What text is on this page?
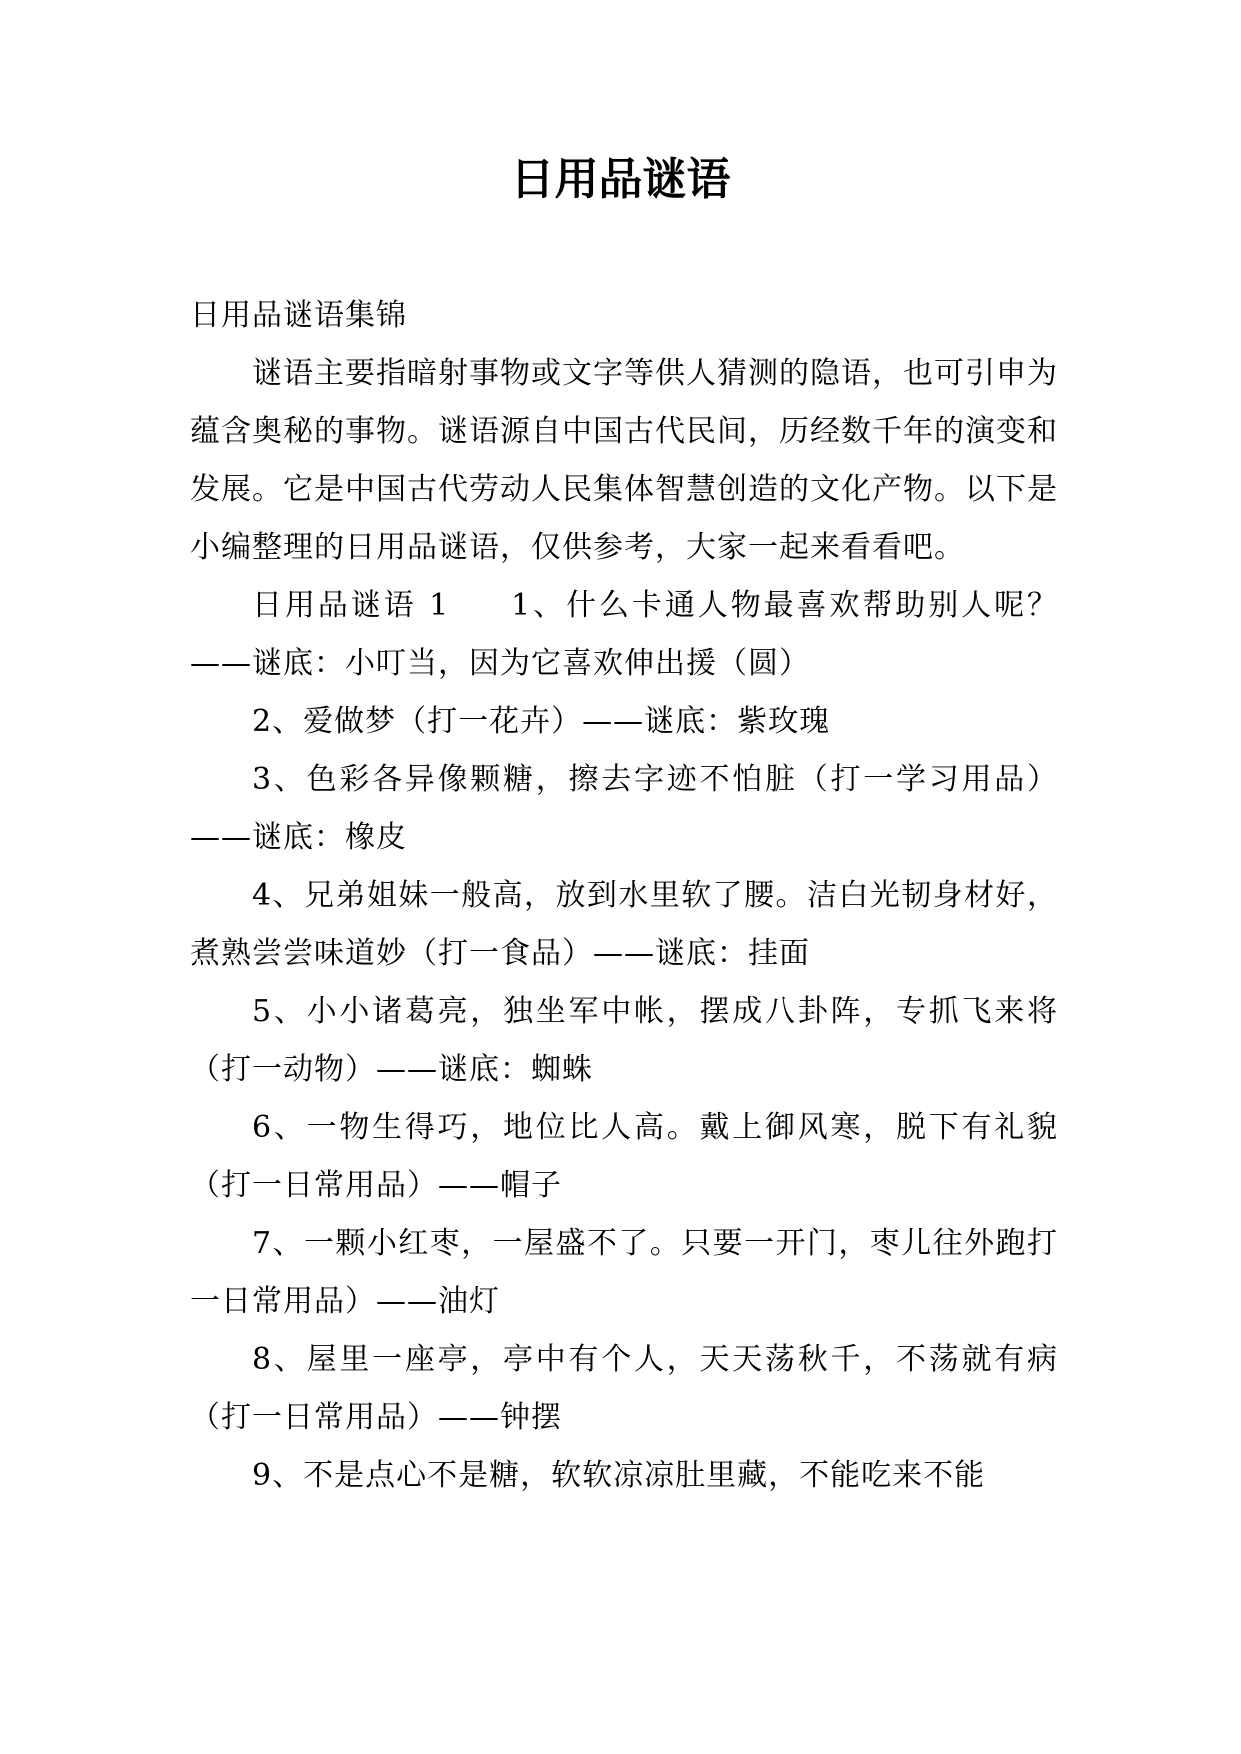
日用品谜语

日用品谜语集锦

谜语主要指暗射事物或文字等供人猜测的隐语，也可引申为蕴含奥秘的事物。谜语源自中国古代民间，历经数千年的演变和发展。它是中国古代劳动人民集体智慧创造的文化产物。以下是小编整理的日用品谜语，仅供参考，大家一起来看看吧。

日用品谜语 1 1、什么卡通人物最喜欢帮助别人呢？——谜底：小叮当，因为它喜欢伸出援（圆）

2、爱做梦（打一花卉）——谜底：紫玫瑰

3、色彩各异像颗糖，擦去字迹不怕脏（打一学习用品）——谜底：橡皮

4、兄弟姐妹一般高，放到水里软了腰。洁白光韧身材好，煮熟尝尝味道妙（打一食品）——谜底：挂面

5、小小诸葛亮，独坐军中帐，摆成八卦阵，专抓飞来将（打一动物）——谜底：蜘蛛

6、一物生得巧，地位比人高。戴上御风寒，脱下有礼貌（打一日常用品）——帽子

7、一颗小红枣，一屋盛不了。只要一开门，枣儿往外跑打一日常用品）——油灯

8、屋里一座亭，亭中有个人，天天荡秋千，不荡就有病（打一日常用品）——钟摆

9、不是点心不是糖，软软凉凉肚里藏，不能吃来不能
